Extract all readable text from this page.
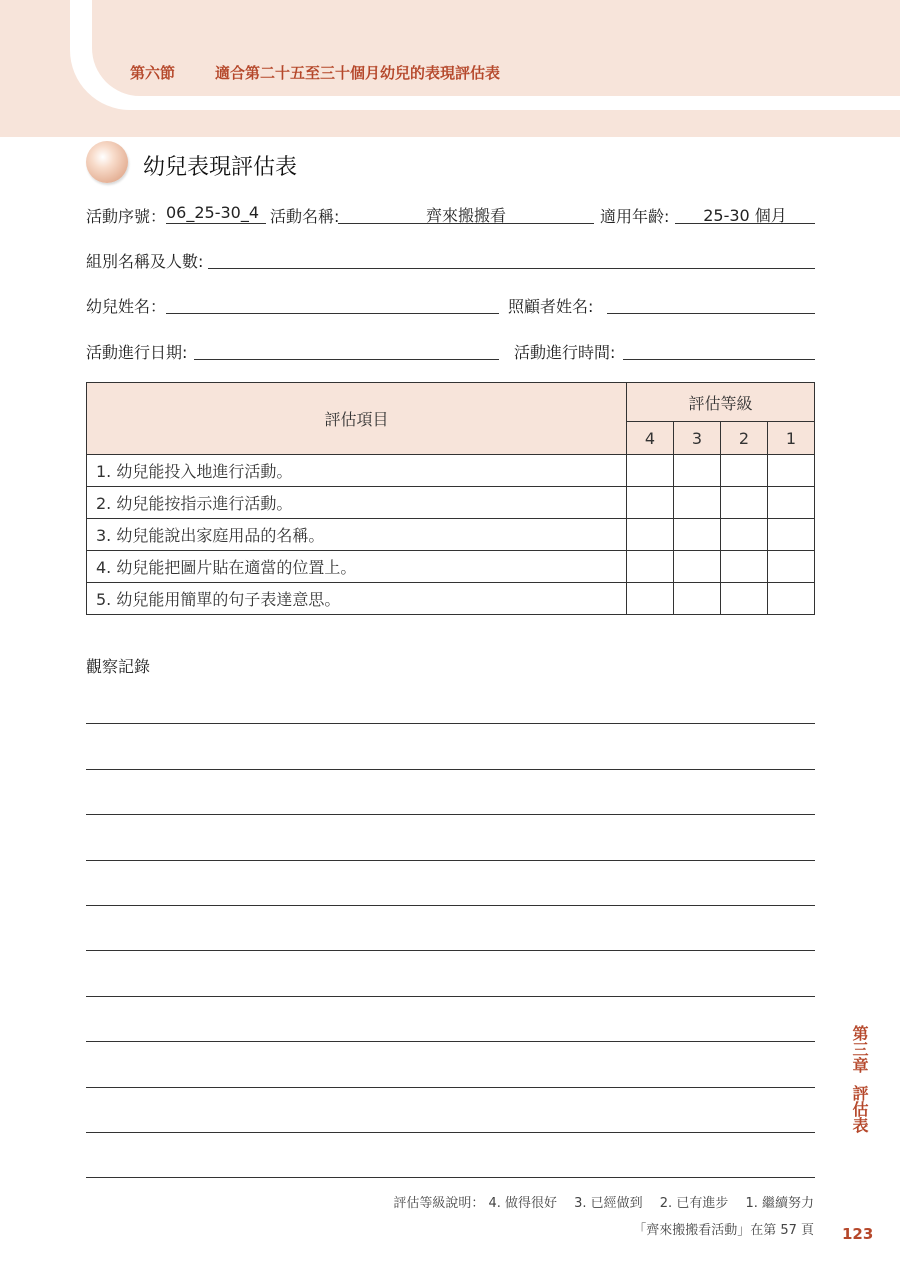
第六節	適合第二十五至三十個月幼兒的表現評估表
幼兒表現評估表
活動序號： 06_25-30_4 活動名稱:	齊來搬搬看	適用年齡:	25-30 個月
組別名稱及人數:
幼兒姓名：	照顧者姓名:
活動進行日期:	活動進行時間:
評估項目	評估等級			
	4	3	2	1
1. 幼兒能投入地進行活動。				
2. 幼兒能按指示進行活動。				
3. 幼兒能說出家庭用品的名稱。				
4. 幼兒能把圖片貼在適當的位置上。				
5. 幼兒能用簡單的句子表達意思。				
觀察記錄
第三章
評估表
評估等級說明： 4. 做得很好　 3. 已經做到　 2. 已有進步　 1. 繼續努力
「齊來搬搬看活動」在第 57 頁 123
